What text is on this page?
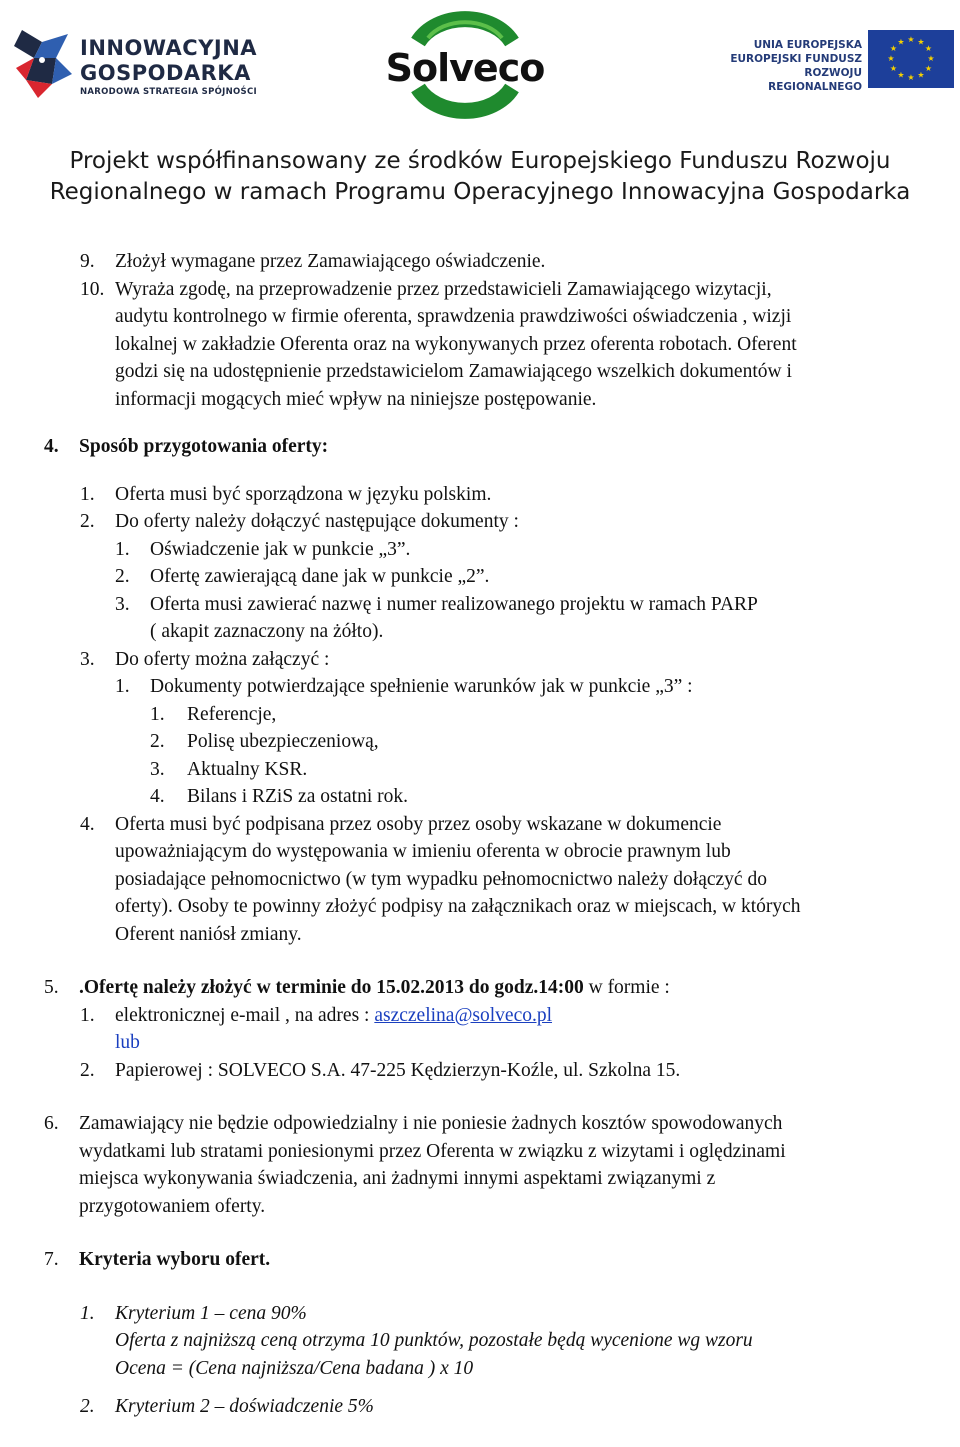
INNOWACYJNA
GOSPODARKA
NARODOWA STRATEGIA SPÓJNOŚCI
Solveco
UNIA EUROPEJSKA
EUROPEJSKI FUNDUSZ
ROZWOJU REGIONALNEGO
★ ★
★
★
★
★
★
★
★
★
★
★
Projekt współfinansowany ze środków Europejskiego Funduszu Rozwoju
Regionalnego w ramach Programu Operacyjnego Innowacyjna Gospodarka
9. Złożył wymagane przez Zamawiającego oświadczenie.
10. Wyraża zgodę, na przeprowadzenie przez przedstawicieli Zamawiającego wizytacji,
audytu kontrolnego w firmie oferenta, sprawdzenia prawdziwości oświadczenia , wizji
lokalnej w zakładzie Oferenta oraz na wykonywanych przez oferenta robotach. Oferent
godzi się na udostępnienie przedstawicielom Zamawiającego wszelkich dokumentów i
informacji mogących mieć wpływ na niniejsze postępowanie.
4. Sposób przygotowania oferty:
1. Oferta musi być sporządzona w języku polskim.
2. Do oferty należy dołączyć następujące dokumenty :
1. Oświadczenie jak w punkcie „3”.
2. Ofertę zawierającą dane jak w punkcie „2”.
3. Oferta musi zawierać nazwę i numer realizowanego projektu w ramach PARP
( akapit zaznaczony na żółto).
3. Do oferty można załączyć :
1. Dokumenty potwierdzające spełnienie warunków jak w punkcie „3” :
1. Referencje,
2. Polisę ubezpieczeniową,
3. Aktualny KSR.
4. Bilans i RZiS za ostatni rok.
4. Oferta musi być podpisana przez osoby przez osoby wskazane w dokumencie
upoważniającym do występowania w imieniu oferenta w obrocie prawnym lub
posiadające pełnomocnictwo (w tym wypadku pełnomocnictwo należy dołączyć do
oferty). Osoby te powinny złożyć podpisy na załącznikach oraz w miejscach, w których
Oferent naniósł zmiany.
5. .Ofertę należy złożyć w terminie do 15.02.2013 do godz.14:00 w formie :
1. elektronicznej e-mail , na adres : aszczelina@solveco.pl
lub
2. Papierowej : SOLVECO S.A. 47-225 Kędzierzyn-Koźle, ul. Szkolna 15.
6. Zamawiający nie będzie odpowiedzialny i nie poniesie żadnych kosztów spowodowanych
wydatkami lub stratami poniesionymi przez Oferenta w związku z wizytami i oględzinami
miejsca wykonywania świadczenia, ani żadnymi innymi aspektami związanymi z
przygotowaniem oferty.
7. Kryteria wyboru ofert.
1. Kryterium 1 – cena 90%
Oferta z najniższą ceną otrzyma 10 punktów, pozostałe będą wycenione wg wzoru
Ocena = (Cena najniższa/Cena badana ) x 10
2. Kryterium 2 – doświadczenie 5%
